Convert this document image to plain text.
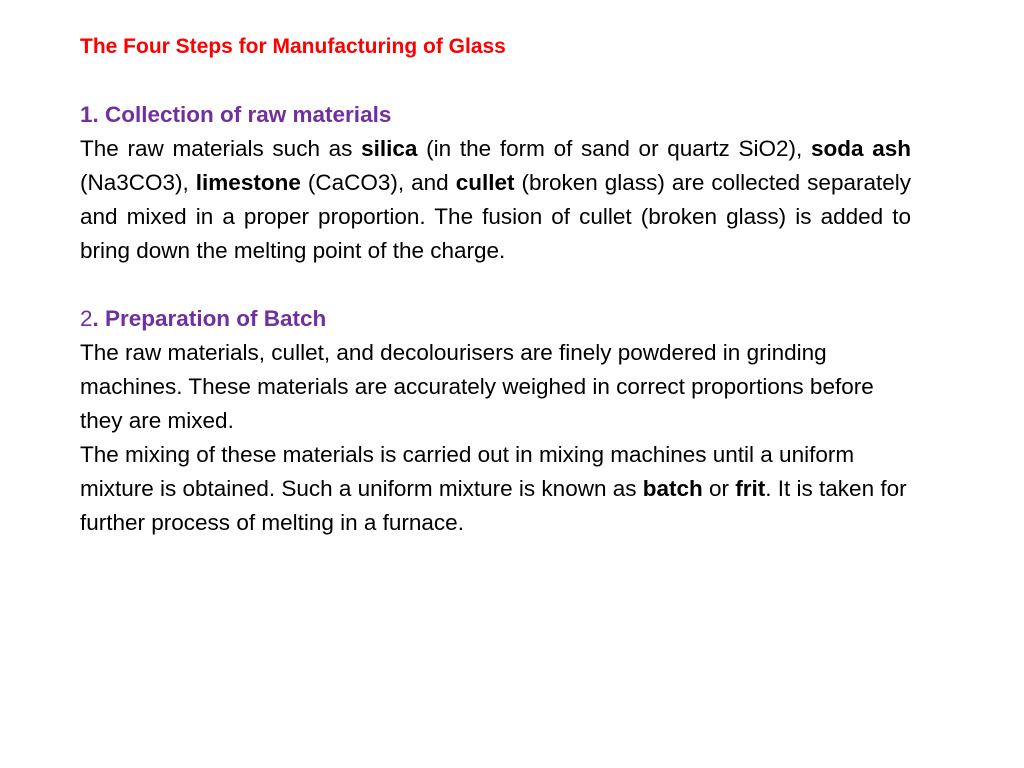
The Four Steps for Manufacturing of Glass

1. Collection of raw materials

The raw materials such as silica (in the form of sand or quartz SiO2), soda ash (Na3CO3), limestone (CaCO3), and cullet (broken glass) are collected separately and mixed in a proper proportion. The fusion of cullet (broken glass) is added to bring down the melting point of the charge.

2. Preparation of Batch

The raw materials, cullet, and decolourisers are finely powdered in grinding machines. These materials are accurately weighed in correct proportions before they are mixed.

The mixing of these materials is carried out in mixing machines until a uniform mixture is obtained. Such a uniform mixture is known as batch or frit. It is taken for further process of melting in a furnace.
